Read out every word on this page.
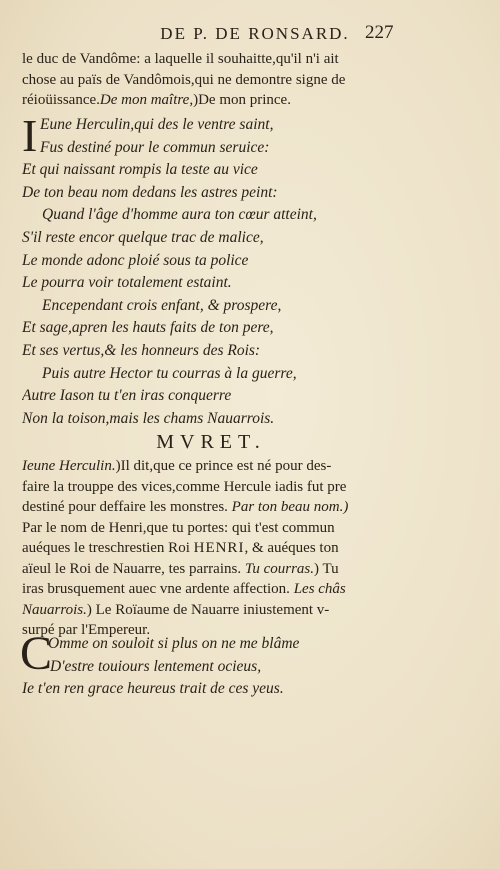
DE P. DE RONSARD. 227
le duc de Vandôme: a laquelle il souhaitte,qu'il n'i ait
chose au païs de Vandômois,qui ne demontre signe de
réioüissance.De mon maître,)De mon prince.
I Eune Herculin,qui des le ventre saint,
Fus destiné pour le commun seruice:
Et qui naissant rompis la teste au vice
De ton beau nom dedans les astres peint:
Quand l'âge d'homme aura ton cœur atteint,
S'il reste encor quelque trac de malice,
Le monde adonc ploié sous ta police
Le pourra voir totalement estaint.
Encependant crois enfant, & prospere,
Et sage,apren les hauts faits de ton pere,
Et ses vertus,& les honneurs des Rois:
Puis autre Hector tu courras à la guerre,
Autre Iason tu t'en iras conquerre
Non la toison,mais les chams Nauarrois.
MVRET.
Ieune Herculin.)Il dit,que ce prince est né pour des-
faire la trouppe des vices,comme Hercule iadis fut pre
destiné pour deffaire les monstres. Par ton beau nom.)
Par le nom de Henri,que tu portes: qui t'est commun
auéques le treschrestien Roi HENRI, & auéques ton
aïeul le Roi de Nauarre, tes parrains. Tu courras.) Tu
iras brusquement auec vne ardente affection. Les châs
Nauarrois.) Le Roïaume de Nauarre iniustement v-
surpé par l'Empereur.
C
Omme on souloit si plus on ne me blâme
D'estre touiours lentement ocieus,
Ie t'en ren grace heureus trait de ces yeus.
